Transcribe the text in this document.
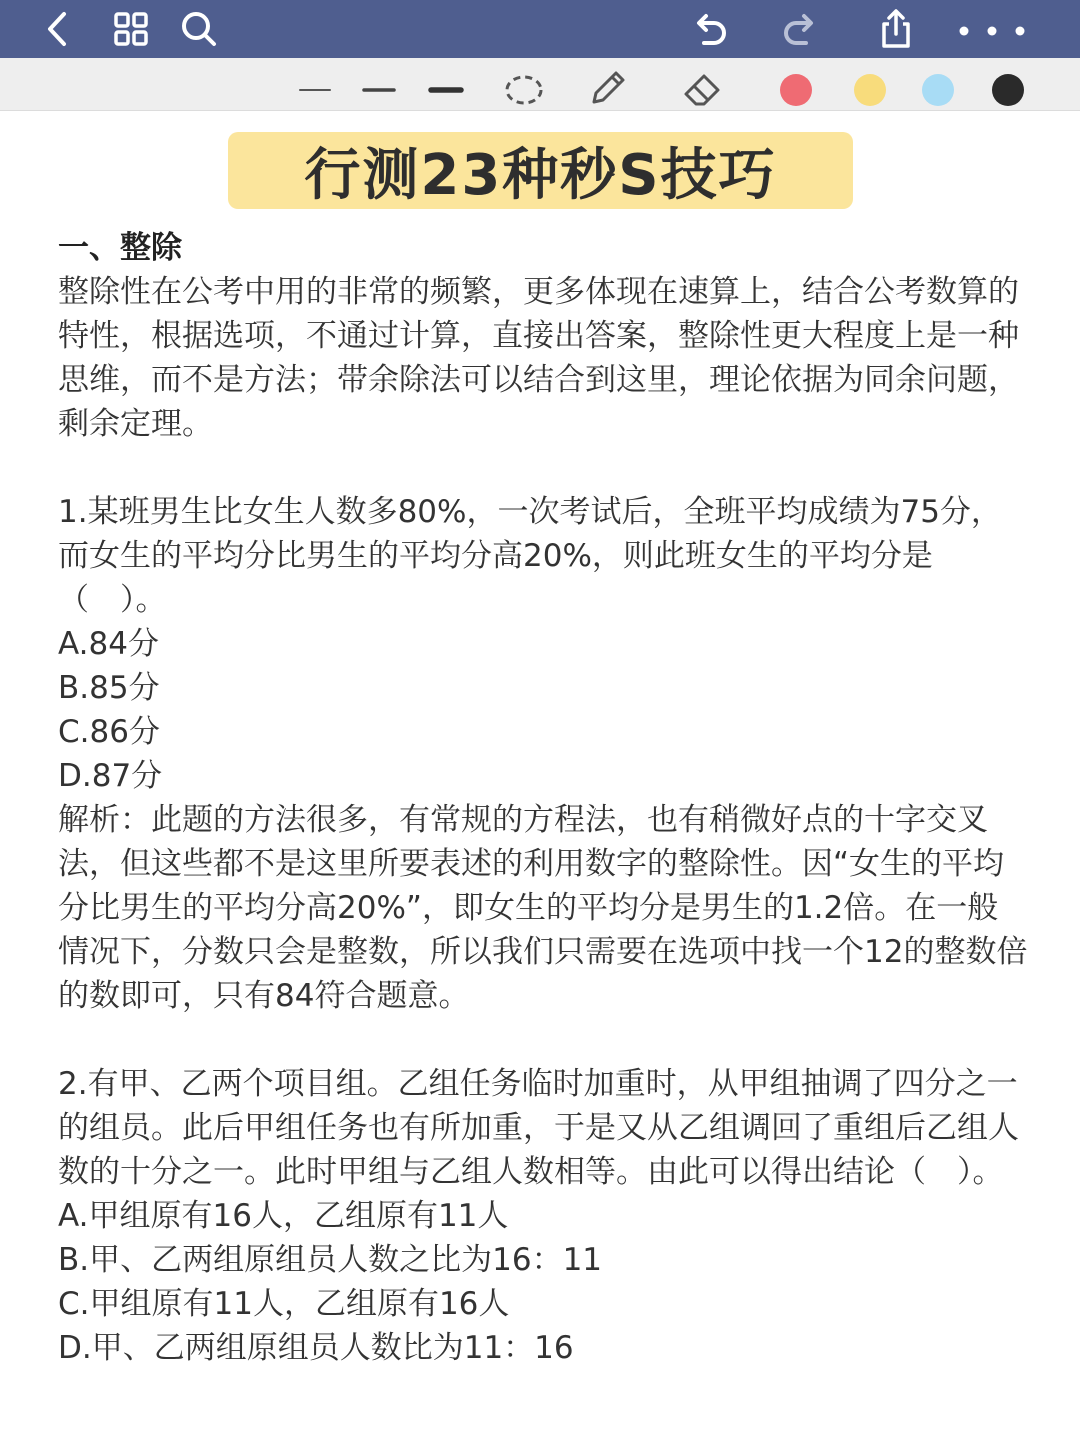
行测23种秒S技巧

一、整除

整除性在公考中用的非常的频繁，更多体现在速算上，结合公考数算的特性，根据选项，不通过计算，直接出答案，整除性更大程度上是一种思维，而不是方法；带余除法可以结合到这里，理论依据为同余问题，剩余定理。

1.某班男生比女生人数多80%，一次考试后，全班平均成绩为75分，而女生的平均分比男生的平均分高20%，则此班女生的平均分是（　）。

A.84分

B.85分

C.86分

D.87分

解析：此题的方法很多，有常规的方程法，也有稍微好点的十字交叉法，但这些都不是这里所要表述的利用数字的整除性。因“女生的平均分比男生的平均分高20%”，即女生的平均分是男生的1.2倍。在一般情况下，分数只会是整数，所以我们只需要在选项中找一个12的整数倍的数即可，只有84符合题意。

2.有甲、乙两个项目组。乙组任务临时加重时，从甲组抽调了四分之一的组员。此后甲组任务也有所加重，于是又从乙组调回了重组后乙组人数的十分之一。此时甲组与乙组人数相等。由此可以得出结论（　）。

A.甲组原有16人，乙组原有11人

B.甲、乙两组原组员人数之比为16：11

C.甲组原有11人，乙组原有16人

D.甲、乙两组原组员人数比为11：16
